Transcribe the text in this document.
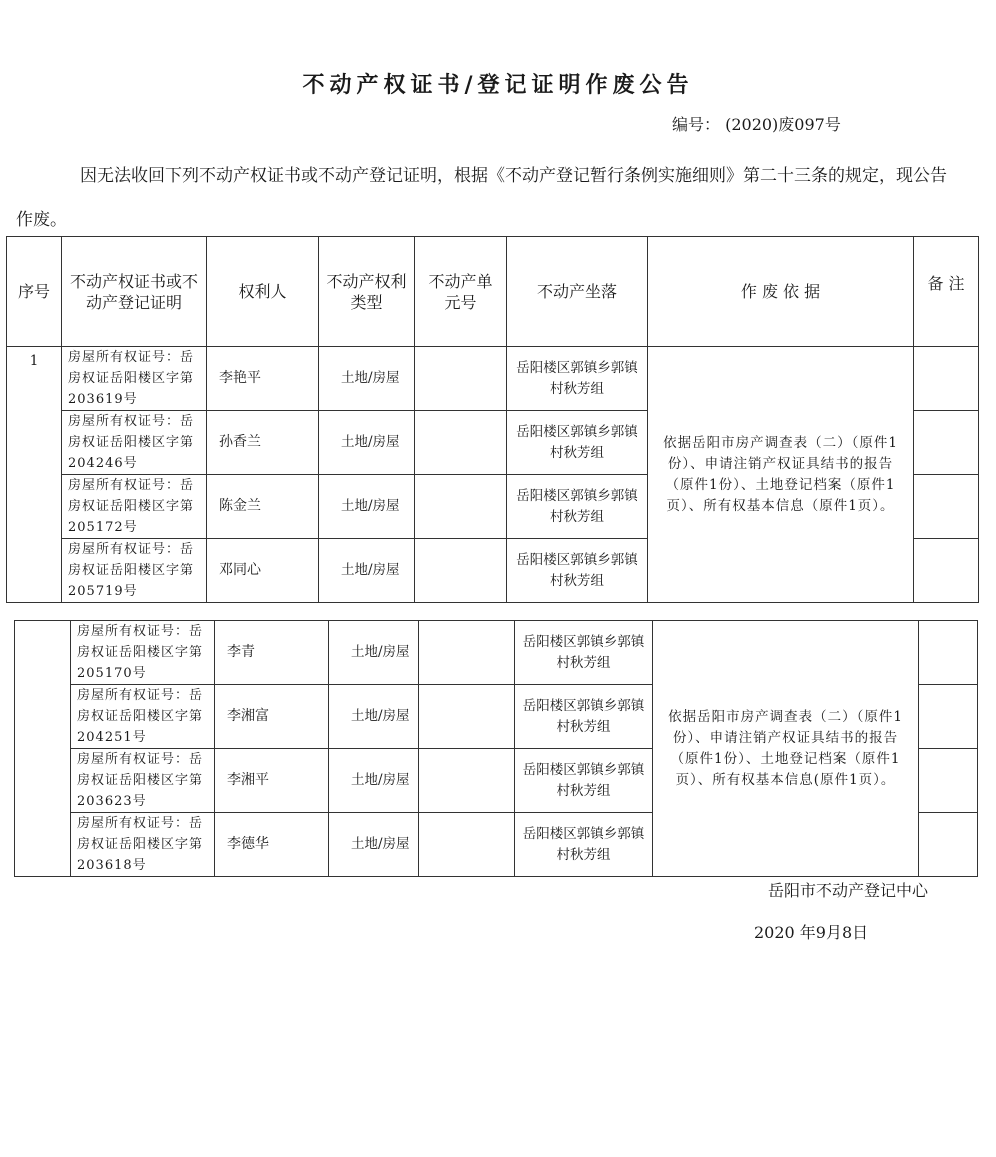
不动产权证书/登记证明作废公告
编号： (2020)废097号
因无法收回下列不动产权证书或不动产登记证明，根据《不动产登记暂行条例实施细则》第二十三条的规定，现公告作废。
序号	不动产权证书或不动产登记证明	权利人	不动产权利类型	不动产单元号	不动产坐落	作 废 依 据	备 注
1	房屋所有权证号：岳房权证岳阳楼区字第203619号	李艳平	土地/房屋		岳阳楼区郭镇乡郭镇村秋芳组	依据岳阳市房产调查表（二）（原件1份）、申请注销产权证具结书的报告（原件1份）、土地登记档案（原件1页）、所有权基本信息（原件1页）。	
	房屋所有权证号：岳房权证岳阳楼区字第204246号	孙香兰	土地/房屋		岳阳楼区郭镇乡郭镇村秋芳组		
	房屋所有权证号：岳房权证岳阳楼区字第205172号	陈金兰	土地/房屋		岳阳楼区郭镇乡郭镇村秋芳组		
	房屋所有权证号：岳房权证岳阳楼区字第205719号	邓同心	土地/房屋		岳阳楼区郭镇乡郭镇村秋芳组		
	房屋所有权证号：岳房权证岳阳楼区字第205170号	李青	土地/房屋		岳阳楼区郭镇乡郭镇村秋芳组	依据岳阳市房产调查表（二）（原件1份）、申请注销产权证具结书的报告（原件1份）、土地登记档案（原件1页）、所有权基本信息(原件1页）。	
	房屋所有权证号：岳房权证岳阳楼区字第204251号	李湘富	土地/房屋		岳阳楼区郭镇乡郭镇村秋芳组		
	房屋所有权证号：岳房权证岳阳楼区字第203623号	李湘平	土地/房屋		岳阳楼区郭镇乡郭镇村秋芳组		
	房屋所有权证号：岳房权证岳阳楼区字第203618号	李德华	土地/房屋		岳阳楼区郭镇乡郭镇村秋芳组		
岳阳市不动产登记中心
2020 年9月8日
